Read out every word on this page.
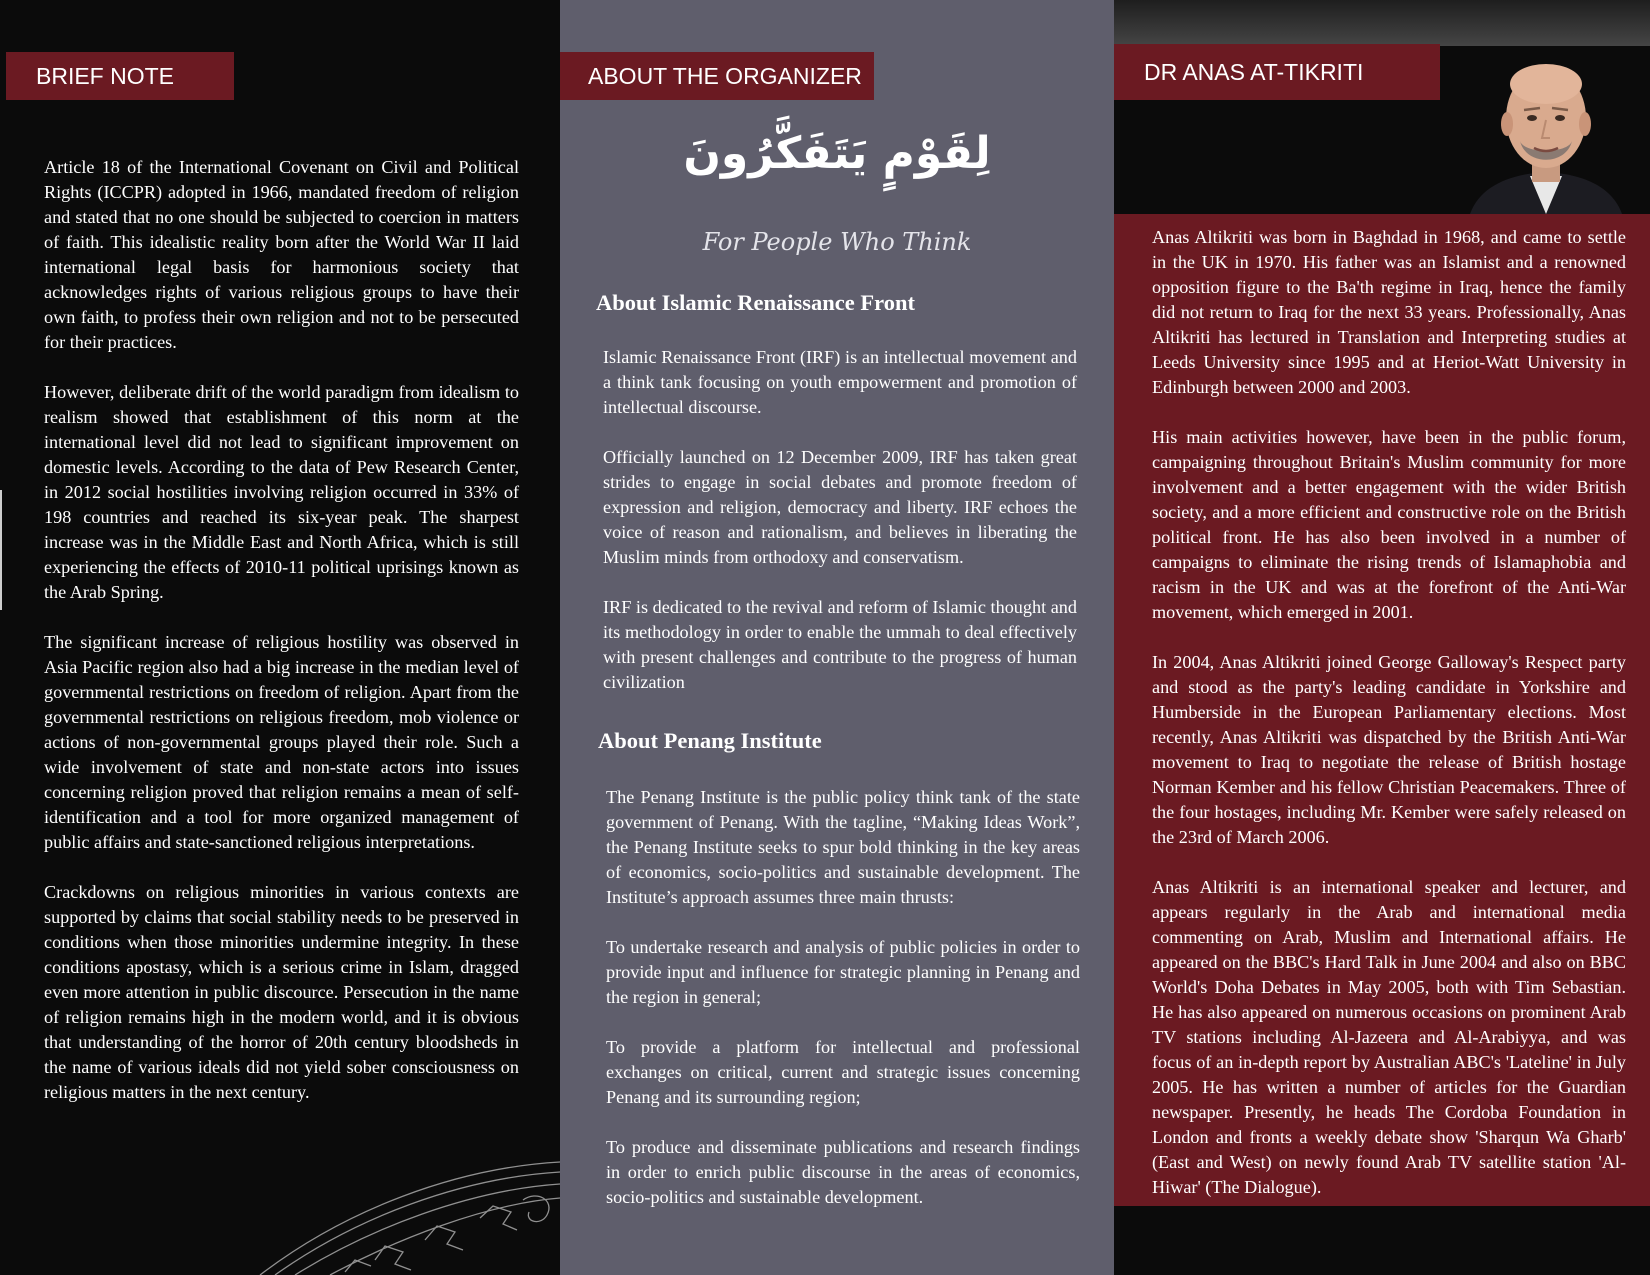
BRIEF NOTE

Article 18 of the International Covenant on Civil and Political Rights (ICCPR) adopted in 1966, mandated freedom of religion and stated that no one should be subjected to coercion in matters of faith. This idealistic reality born after the World War II laid international legal basis for harmonious society that acknowledges rights of various religious groups to have their own faith, to profess their own religion and not to be persecuted for their practices.

However, deliberate drift of the world paradigm from idealism to realism showed that establishment of this norm at the international level did not lead to significant improvement on domestic levels. According to the data of Pew Research Center, in 2012 social hostilities involving religion occurred in 33% of 198 countries and reached its six-year peak. The sharpest increase was in the Middle East and North Africa, which is still experiencing the effects of 2010-11 political uprisings known as the Arab Spring.

The significant increase of religious hostility was observed in Asia Pacific region also had a big increase in the median level of governmental restrictions on freedom of religion. Apart from the governmental restrictions on religious freedom, mob violence or actions of non-governmental groups played their role. Such a wide involvement of state and non-state actors into issues concerning religion proved that religion remains a mean of self-identification and a tool for more organized management of public affairs and state-sanctioned religious interpretations.

Crackdowns on religious minorities in various contexts are supported by claims that social stability needs to be preserved in conditions when those minorities undermine integrity. In these conditions apostasy, which is a serious crime in Islam, dragged even more attention in public discource. Persecution in the name of religion remains high in the modern world, and it is obvious that understanding of the horror of 20th century bloodsheds in the name of various ideals did not yield sober consciousness on religious matters in the next century.

ABOUT THE ORGANIZER
لِقَوْمٍ يَتَفَكَّرُونَ
For People Who Think
About Islamic Renaissance Front

Islamic Renaissance Front (IRF) is an intellectual movement and a think tank focusing on youth empowerment and promotion of intellectual discourse.

Officially launched on 12 December 2009, IRF has taken great strides to engage in social debates and promote freedom of expression and religion, democracy and liberty. IRF echoes the voice of reason and rationalism, and believes in liberating the Muslim minds from orthodoxy and conservatism.

IRF is dedicated to the revival and reform of Islamic thought and its methodology in order to enable the ummah to deal effectively with present challenges and contribute to the progress of human civilization

About Penang Institute

The Penang Institute is the public policy think tank of the state government of Penang. With the tagline, “Making Ideas Work”, the Penang Institute seeks to spur bold thinking in the key areas of economics, socio-politics and sustainable development. The Institute’s approach assumes three main thrusts:

To undertake research and analysis of public policies in order to provide input and influence for strategic planning in Penang and the region in general;

To provide a platform for intellectual and professional exchanges on critical, current and strategic issues concerning Penang and its surrounding region;

To produce and disseminate publications and research findings in order to enrich public discourse in the areas of economics, socio-politics and sustainable development.

DR ANAS AT-TIKRITI

Anas Altikriti was born in Baghdad in 1968, and came to settle in the UK in 1970. His father was an Islamist and a renowned opposition figure to the Ba'th regime in Iraq, hence the family did not return to Iraq for the next 33 years. Professionally, Anas Altikriti has lectured in Translation and Interpreting studies at Leeds University since 1995 and at Heriot-Watt University in Edinburgh between 2000 and 2003.

His main activities however, have been in the public forum, campaigning throughout Britain's Muslim community for more involvement and a better engagement with the wider British society, and a more efficient and constructive role on the British political front. He has also been involved in a number of campaigns to eliminate the rising trends of Islamaphobia and racism in the UK and was at the forefront of the Anti-War movement, which emerged in 2001.

In 2004, Anas Altikriti joined George Galloway's Respect party and stood as the party's leading candidate in Yorkshire and Humberside in the European Parliamentary elections. Most recently, Anas Altikriti was dispatched by the British Anti-War movement to Iraq to negotiate the release of British hostage Norman Kember and his fellow Christian Peacemakers. Three of the four hostages, including Mr. Kember were safely released on the 23rd of March 2006.

Anas Altikriti is an international speaker and lecturer, and appears regularly in the Arab and international media commenting on Arab, Muslim and International affairs. He appeared on the BBC's Hard Talk in June 2004 and also on BBC World's Doha Debates in May 2005, both with Tim Sebastian. He has also appeared on numerous occasions on prominent Arab TV stations including Al-Jazeera and Al-Arabiyya, and was focus of an in-depth report by Australian ABC's 'Lateline' in July 2005. He has written a number of articles for the Guardian newspaper. Presently, he heads The Cordoba Foundation in London and fronts a weekly debate show 'Sharqun Wa Gharb' (East and West) on newly found Arab TV satellite station 'Al-Hiwar' (The Dialogue).
